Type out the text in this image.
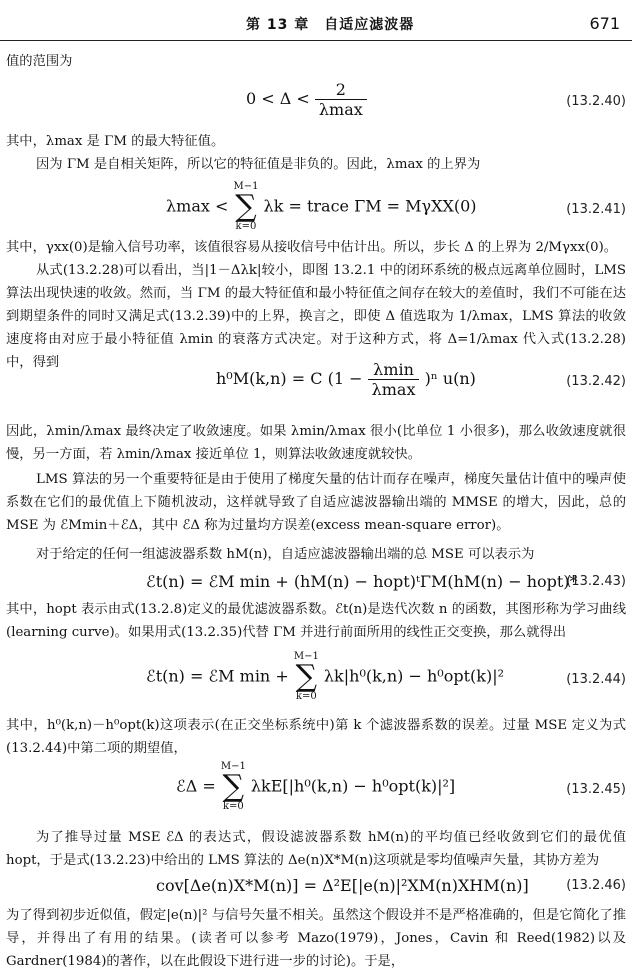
第 13 章　自适应滤波器	671
值的范围为
$0 < \Delta < \frac{2}{\lambda\max}$	(13.2.40)
其中，λmax 是 ΓM 的最大特征值。
因为 ΓM 是自相关矩阵，所以它的特征值是非负的。因此，λmax 的上界为
λmax <
M−1
∑
k=0
λk = trace ΓM = MγXX(0)	(13.2.41)
其中，γxx(0)是输入信号功率，该值很容易从接收信号中估计出。所以，步长 Δ 的上界为 2/Mγxx(0)。
从式(13.2.28)可以看出，当|1－Δλk|较小，即图 13.2.1 中的闭环系统的极点远离单位圆时，LMS 算法出现快速的收敛。然而，当 ΓM 的最大特征值和最小特征值之间存在较大的差值时，我们不可能在达到期望条件的同时又满足式(13.2.39)中的上界，换言之，即使 Δ 值选取为 1/λmax，LMS 算法的收敛速度将由对应于最小特征值 λmin 的衰落方式决定。对于这种方式，将 Δ=1/λmax 代入式(13.2.28)中，得到
h⁰M(k,n) = C $(1 - \frac{\lambda\min}{\lambda\max} )^n$ u(n)	(13.2.42)
因此，λmin/λmax 最终决定了收敛速度。如果 λmin/λmax 很小(比单位 1 小很多)，那么收敛速度就很慢，另一方面，若 λmin/λmax 接近单位 1，则算法收敛速度就较快。
LMS 算法的另一个重要特征是由于使用了梯度矢量的估计而存在噪声，梯度矢量估计值中的噪声使系数在它们的最优值上下随机波动，这样就导致了自适应滤波器输出端的 MMSE 的增大，因此，总的 MSE 为 ℰMmin＋ℰΔ，其中 ℰΔ 称为过量均方误差(excess mean-square error)。
对于给定的任何一组滤波器系数 hM(n)，自适应滤波器输出端的总 MSE 可以表示为
ℰt(n) = ℰM min + (hM(n) − hopt)ᵗΓM(hM(n) − hopt)*
(13.2.43)
其中，hopt 表示由式(13.2.8)定义的最优滤波器系数。ℰt(n)是迭代次数 n 的函数，其图形称为学习曲线(learning curve)。如果用式(13.2.35)代替 ΓM 并进行前面所用的线性正交变换，那么就得出
ℰt(n) = ℰM min +
M−1
∑
k=0
λk|h⁰(k,n) − h⁰opt(k)|²	(13.2.44)
其中，h⁰(k,n)－h⁰opt(k)这项表示(在正交坐标系统中)第 k 个滤波器系数的误差。过量 MSE 定义为式(13.2.44)中第二项的期望值，
ℰΔ =
M−1
∑
k=0
λkE[|h⁰(k,n) − h⁰opt(k)|²]	(13.2.45)
为了推导过量 MSE ℰΔ 的表达式，假设滤波器系数 hM(n)的平均值已经收敛到它们的最优值 hopt，于是式(13.2.23)中给出的 LMS 算法的 Δe(n)X*M(n)这项就是零均值噪声矢量，其协方差为
cov[Δe(n)X*M(n)] = Δ²E[|e(n)|²XM(n)XHM(n)]	(13.2.46)
为了得到初步近似值，假定|e(n)|² 与信号矢量不相关。虽然这个假设并不是严格准确的，但是它简化了推导，并得出了有用的结果。(读者可以参考 Mazo(1979)，Jones，Cavin 和 Reed(1982)以及 Gardner(1984)的著作，以在此假设下进行进一步的讨论)。于是，
